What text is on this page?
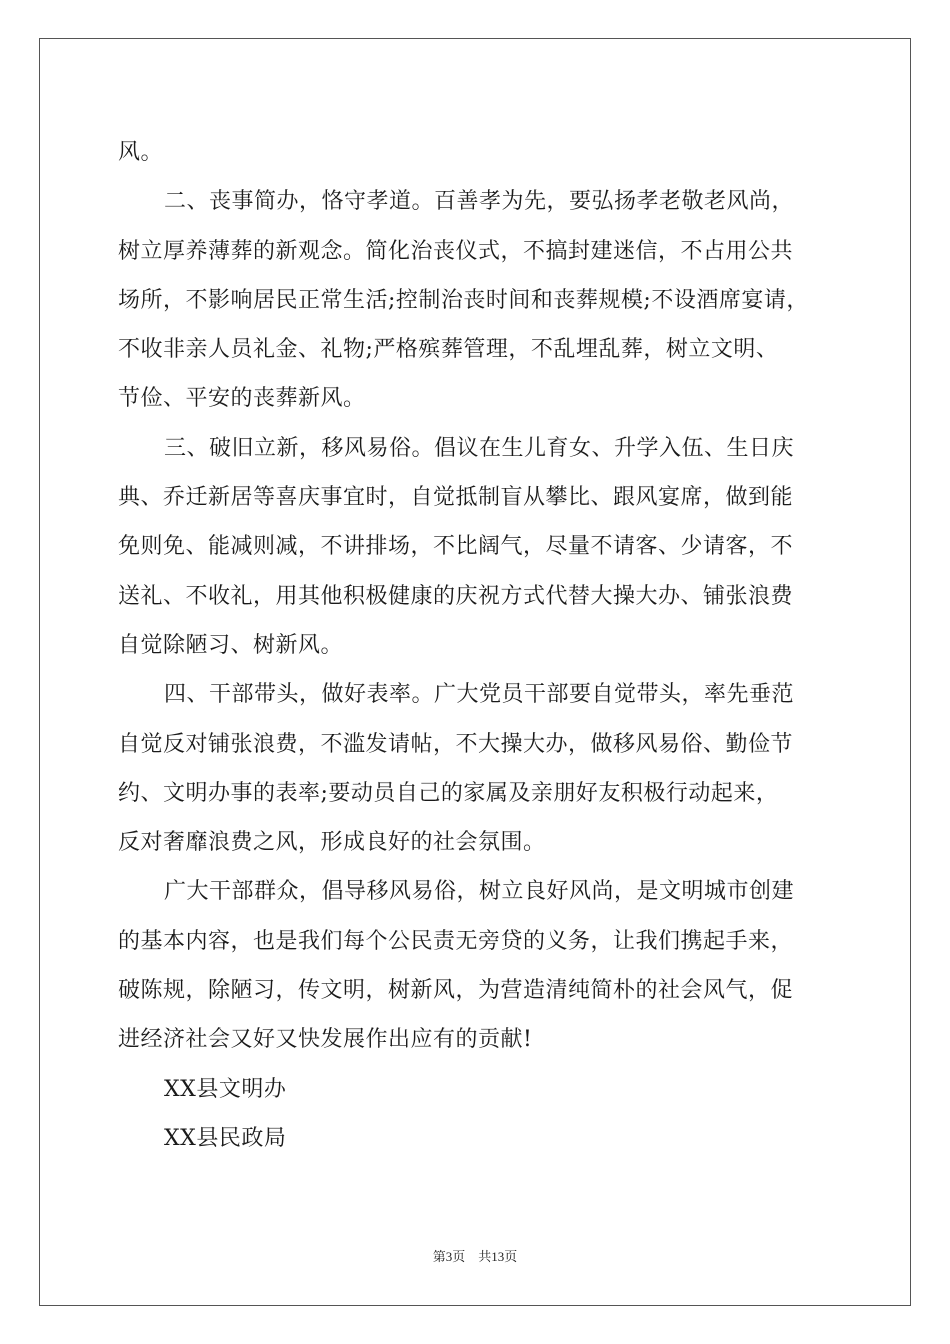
风。
二、丧事简办，恪守孝道。百善孝为先，要弘扬孝老敬老风尚，
树立厚养薄葬的新观念。简化治丧仪式，不搞封建迷信，不占用公共
场所，不影响居民正常生活;控制治丧时间和丧葬规模;不设酒席宴请，
不收非亲人员礼金、礼物;严格殡葬管理，不乱埋乱葬，树立文明、
节俭、平安的丧葬新风。
三、破旧立新，移风易俗。倡议在生儿育女、升学入伍、生日庆
典、乔迁新居等喜庆事宜时，自觉抵制盲从攀比、跟风宴席，做到能
免则免、能减则减，不讲排场，不比阔气，尽量不请客、少请客，不
送礼、不收礼，用其他积极健康的庆祝方式代替大操大办、铺张浪费
自觉除陋习、树新风。
四、干部带头，做好表率。广大党员干部要自觉带头，率先垂范
自觉反对铺张浪费，不滥发请帖，不大操大办，做移风易俗、勤俭节
约、文明办事的表率;要动员自己的家属及亲朋好友积极行动起来，
反对奢靡浪费之风，形成良好的社会氛围。
广大干部群众，倡导移风易俗，树立良好风尚，是文明城市创建
的基本内容，也是我们每个公民责无旁贷的义务，让我们携起手来，
破陈规，除陋习，传文明，树新风，为营造清纯简朴的社会风气，促
进经济社会又好又快发展作出应有的贡献!
XX县文明办
XX县民政局
第3页    共13页
